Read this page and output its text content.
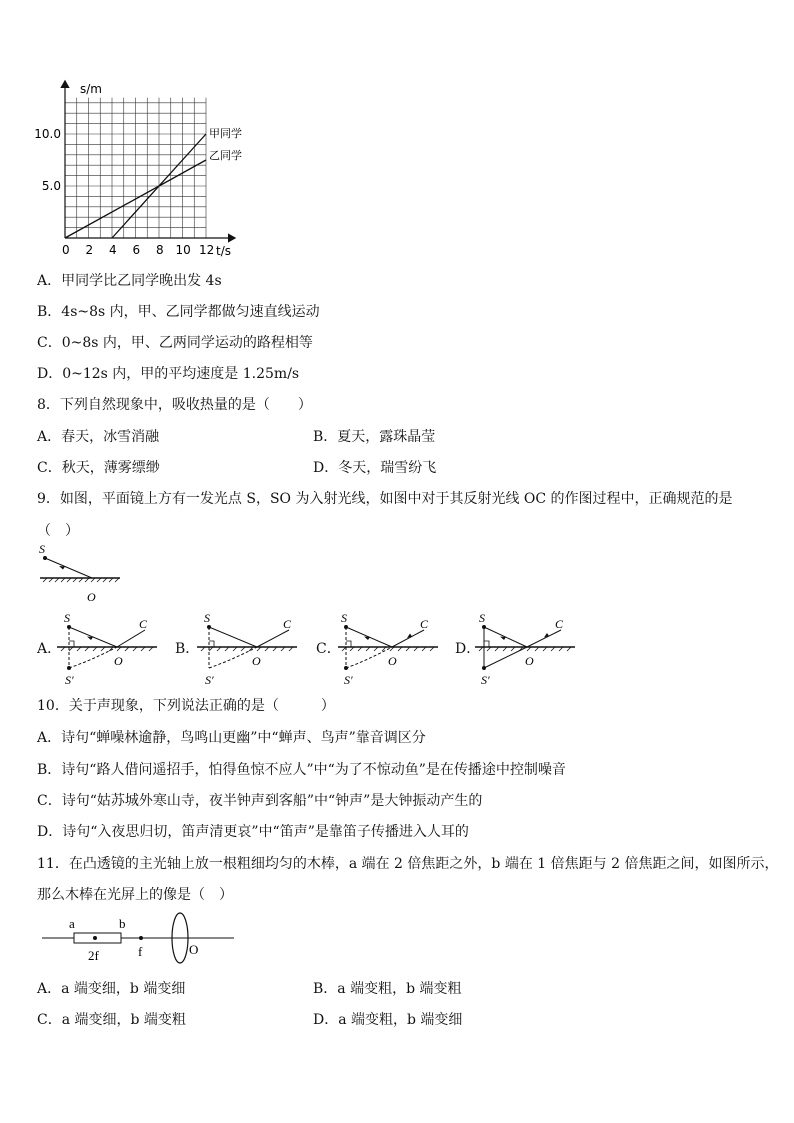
s/m
t/s
0 2 4 6 8 10 12
5.0
10.0	甲同学
乙同学
A．甲同学比乙同学晚出发 4s
B．4s~8s 内，甲、乙同学都做匀速直线运动
C．0~8s 内，甲、乙两同学运动的路程相等
D．0~12s 内，甲的平均速度是 1.25m/s
8．下列自然现象中，吸收热量的是（　　）
A．春天，冰雪消融	B．夏天，露珠晶莹
C．秋天，薄雾缥缈	D．冬天，瑞雪纷飞
9．如图，平面镜上方有一发光点 S，SO 为入射光线，如图中对于其反射光线 OC 的作图过程中，正确规范的是
（　）
S
O
A．
S	C
O
S′
B．
S	C
O
S′
C．
S	C
O
S′
D．
S	C
O
S′
10．关于声现象，下列说法正确的是（　　　）
A．诗句“蝉噪林逾静，鸟鸣山更幽”中“蝉声、鸟声”靠音调区分
B．诗句“路人借问遥招手，怕得鱼惊不应人”中“为了不惊动鱼”是在传播途中控制噪音
C．诗句“姑苏城外寒山寺，夜半钟声到客船”中“钟声”是大钟振动产生的
D．诗句“入夜思归切，笛声清更哀”中“笛声”是靠笛子传播进入人耳的
11．在凸透镜的主光轴上放一根粗细均匀的木棒，a 端在 2 倍焦距之外，b 端在 1 倍焦距与 2 倍焦距之间，如图所示，
那么木棒在光屏上的像是（　）
a	b
2f	f	O
A．a 端变细，b 端变细	B．a 端变粗，b 端变粗
C．a 端变细，b 端变粗	D．a 端变粗，b 端变细
